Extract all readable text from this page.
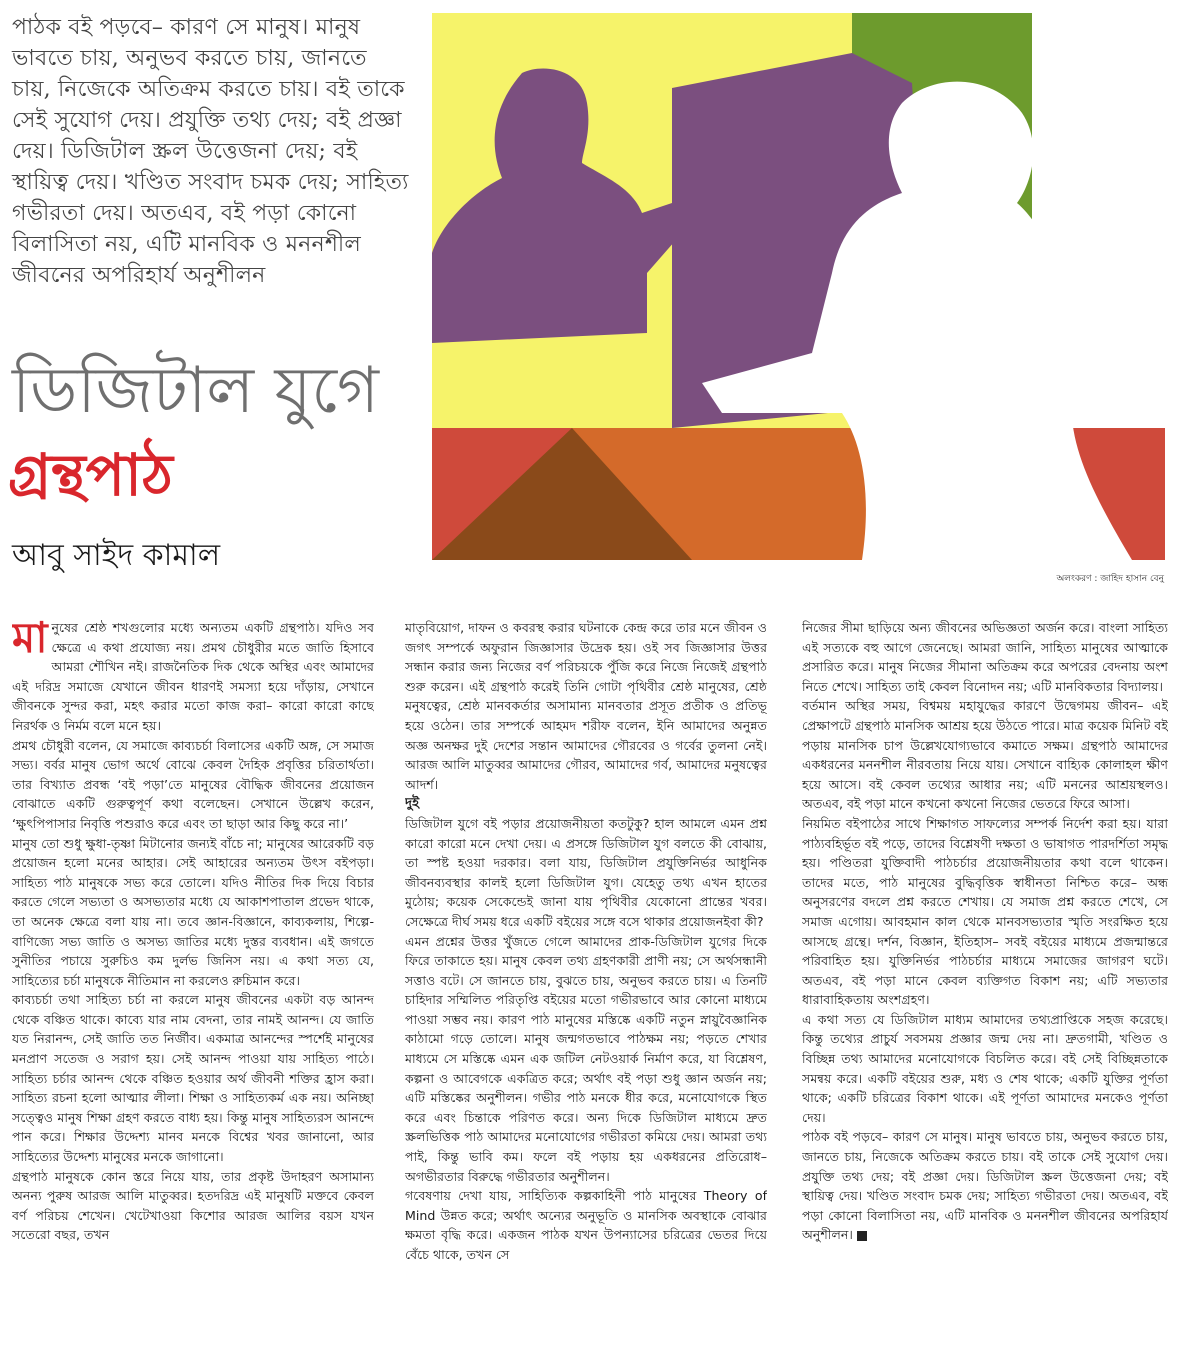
পাঠক বই পড়বে– কারণ সে মানুষ। মানুষ ভাবতে চায়, অনুভব করতে চায়, জানতে চায়, নিজেকে অতিক্রম করতে চায়। বই তাকে সেই সুযোগ দেয়। প্রযুক্তি তথ্য দেয়; বই প্রজ্ঞা দেয়। ডিজিটাল স্ক্রল উত্তেজনা দেয়; বই স্থায়িত্ব দেয়। খণ্ডিত সংবাদ চমক দেয়; সাহিত্য গভীরতা দেয়। অতএব, বই পড়া কোনো বিলাসিতা নয়, এটি মানবিক ও মননশীল জীবনের অপরিহার্য অনুশীলন
ডিজিটাল যুগে
গ্রন্থপাঠ
আবু সাইদ কামাল
অলংকরণ : জাহিদ হাসান বেনু

মানুষের শ্রেষ্ঠ শখগুলোর মধ্যে অন্যতম একটি গ্রন্থপাঠ। যদিও সব ক্ষেত্রে এ কথা প্রযোজ্য নয়। প্রমথ চৌধুরীর মতে জাতি হিসাবে আমরা শৌখিন নই। রাজনৈতিক দিক থেকে অস্থির এবং আমাদের এই দরিদ্র সমাজে যেখানে জীবন ধারণই সমস্যা হয়ে দাঁড়ায়, সেখানে জীবনকে সুন্দর করা, মহৎ করার মতো কাজ করা– কারো কারো কাছে নিরর্থক ও নির্মম বলে মনে হয়।

প্রমথ চৌধুরী বলেন, যে সমাজে কাব্যচর্চা বিলাসের একটি অঙ্গ, সে সমাজ সভ্য। বর্বর মানুষ ভোগ অর্থে বোঝে কেবল দৈহিক প্রবৃত্তির চরিতার্থতা। তার বিখ্যাত প্রবন্ধ ‘বই পড়া’তে মানুষের বৌদ্ধিক জীবনের প্রয়োজন বোঝাতে একটি গুরুত্বপূর্ণ কথা বলেছেন। সেখানে উল্লেখ করেন, ‘ক্ষুৎপিপাসার নিবৃত্তি পশুরাও করে এবং তা ছাড়া আর কিছু করে না।’

মানুষ তো শুধু ক্ষুধা-তৃষ্ণা মিটানোর জন্যই বাঁচে না; মানুষের আরেকটি বড় প্রয়োজন হলো মনের আহার। সেই আহারের অন্যতম উৎস বইপড়া। সাহিত্য পাঠ মানুষকে সভ্য করে তোলে। যদিও নীতির দিক দিয়ে বিচার করতে গেলে সভ্যতা ও অসভ্যতার মধ্যে যে আকাশপাতাল প্রভেদ থাকে, তা অনেক ক্ষেত্রে বলা যায় না। তবে জ্ঞান-বিজ্ঞানে, কাব্যকলায়, শিল্পে-বাণিজ্যে সভ্য জাতি ও অসভ্য জাতির মধ্যে দুস্তর ব্যবধান। এই জগতে সুনীতির পচায়ে সুরুচিও কম দুর্লভ জিনিস নয়। এ কথা সত্য যে, সাহিত্যের চর্চা মানুষকে নীতিমান না করলেও রুচিমান করে।

কাব্যচর্চা তথা সাহিত্য চর্চা না করলে মানুষ জীবনের একটা বড় আনন্দ থেকে বঞ্চিত থাকে। কাব্যে যার নাম বেদনা, তার নামই আনন্দ। যে জাতি যত নিরানন্দ, সেই জাতি তত নির্জীব। একমাত্র আনন্দের স্পর্শেই মানুষের মনপ্রাণ সতেজ ও সরাগ হয়। সেই আনন্দ পাওয়া যায় সাহিত্য পাঠে। সাহিত্য চর্চার আনন্দ থেকে বঞ্চিত হওয়ার অর্থ জীবনী শক্তির হ্রাস করা। সাহিত্য রচনা হলো আত্মার লীলা। শিক্ষা ও সাহিত্যকর্ম এক নয়। অনিচ্ছা সত্ত্বেও মানুষ শিক্ষা গ্রহণ করতে বাধ্য হয়। কিন্তু মানুষ সাহিত্যরস আনন্দে পান করে। শিক্ষার উদ্দেশ্য মানব মনকে বিশ্বের খবর জানানো, আর সাহিত্যের উদ্দেশ্য মানুষের মনকে জাগানো।

গ্রন্থপাঠ মানুষকে কোন স্তরে নিয়ে যায়, তার প্রকৃষ্ট উদাহরণ অসামান্য অনন্য পুরুষ আরজ আলি মাতুব্বর। হতদরিদ্র এই মানুষটি মক্তবে কেবল বর্ণ পরিচয় শেখেন। খেটেখাওয়া কিশোর আরজ আলির বয়স যখন সতেরো বছর, তখন

মাতৃবিয়োগ, দাফন ও কবরস্থ করার ঘটনাকে কেন্দ্র করে তার মনে জীবন ও জগৎ সম্পর্কে অফুরান জিজ্ঞাসার উদ্রেক হয়। ওই সব জিজ্ঞাসার উত্তর সন্ধান করার জন্য নিজের বর্ণ পরিচয়কে পুঁজি করে নিজে নিজেই গ্রন্থপাঠ শুরু করেন। এই গ্রন্থপাঠ করেই তিনি গোটা পৃথিবীর শ্রেষ্ঠ মানুষের, শ্রেষ্ঠ মনুষত্বের, শ্রেষ্ঠ মানবকর্তার অসামান্য মানবতার প্রসূত প্রতীক ও প্রতিভূ হয়ে ওঠেন। তার সম্পর্কে আহমদ শরীফ বলেন, ইনি আমাদের অনুন্নত অজ্ঞ অনক্ষর দুই দেশের সন্তান আমাদের গৌরবের ও গর্বের তুলনা নেই। আরজ আলি মাতুব্বর আমাদের গৌরব, আমাদের গর্ব, আমাদের মনুষত্বের আদর্শ।

দুই

ডিজিটাল যুগে বই পড়ার প্রয়োজনীয়তা কতটুকু? হাল আমলে এমন প্রশ্ন কারো কারো মনে দেখা দেয়। এ প্রসঙ্গে ডিজিটাল যুগ বলতে কী বোঝায়, তা স্পষ্ট হওয়া দরকার। বলা যায়, ডিজিটাল প্রযুক্তিনির্ভর আধুনিক জীবনব্যবস্থার কালই হলো ডিজিটাল যুগ। যেহেতু তথ্য এখন হাতের মুঠোয়; কয়েক সেকেন্ডেই জানা যায় পৃথিবীর যেকোনো প্রান্তের খবর। সেক্ষেত্রে দীর্ঘ সময় ধরে একটি বইয়ের সঙ্গে বসে থাকার প্রয়োজনইবা কী?

এমন প্রশ্নের উত্তর খুঁজতে গেলে আমাদের প্রাক-ডিজিটাল যুগের দিকে ফিরে তাকাতে হয়। মানুষ কেবল তথ্য গ্রহণকারী প্রাণী নয়; সে অর্থসন্ধানী সত্তাও বটে। সে জানতে চায়, বুঝতে চায়, অনুভব করতে চায়। এ তিনটি চাহিদার সম্মিলিত পরিতৃপ্তি বইয়ের মতো গভীরভাবে আর কোনো মাধ্যমে পাওয়া সম্ভব নয়। কারণ পাঠ মানুষের মস্তিষ্কে একটি নতুন স্নায়ুবৈজ্ঞানিক কাঠামো গড়ে তোলে। মানুষ জন্মগতভাবে পাঠক্ষম নয়; পড়তে শেখার মাধ্যমে সে মস্তিষ্কে এমন এক জটিল নেটওয়ার্ক নির্মাণ করে, যা বিশ্লেষণ, কল্পনা ও আবেগকে একত্রিত করে; অর্থাৎ বই পড়া শুধু জ্ঞান অর্জন নয়; এটি মস্তিষ্কের অনুশীলন। গভীর পাঠ মনকে ধীর করে, মনোযোগকে স্থিত করে এবং চিন্তাকে পরিণত করে। অন্য দিকে ডিজিটাল মাধ্যমে দ্রুত স্ক্রলভিত্তিক পাঠ আমাদের মনোযোগের গভীরতা কমিয়ে দেয়। আমরা তথ্য পাই, কিন্তু ভাবি কম। ফলে বই পড়ায় হয় একধরনের প্রতিরোধ–অগভীরতার বিরুদ্ধে গভীরতার অনুশীলন।

গবেষণায় দেখা যায়, সাহিত্যিক কল্পকাহিনী পাঠ মানুষের Theory of Mind উন্নত করে; অর্থাৎ অন্যের অনুভূতি ও মানসিক অবস্থাকে বোঝার ক্ষমতা বৃদ্ধি করে। একজন পাঠক যখন উপন্যাসের চরিত্রের ভেতর দিয়ে বেঁচে থাকে, তখন সে

নিজের সীমা ছাড়িয়ে অন্য জীবনের অভিজ্ঞতা অর্জন করে। বাংলা সাহিত্য এই সত্যকে বহু আগে জেনেছে। আমরা জানি, সাহিত্য মানুষের আত্মাকে প্রসারিত করে। মানুষ নিজের সীমানা অতিক্রম করে অপরের বেদনায় অংশ নিতে শেখে। সাহিত্য তাই কেবল বিনোদন নয়; এটি মানবিকতার বিদ্যালয়।

বর্তমান অস্থির সময়, বিশ্বময় মহাযুদ্ধের কারণে উদ্বেগময় জীবন– এই প্রেক্ষাপটে গ্রন্থপাঠ মানসিক আশ্রয় হয়ে উঠতে পারে। মাত্র কয়েক মিনিট বই পড়ায় মানসিক চাপ উল্লেখযোগ্যভাবে কমাতে সক্ষম। গ্রন্থপাঠ আমাদের একধরনের মননশীল নীরবতায় নিয়ে যায়। সেখানে বাহ্যিক কোলাহল ক্ষীণ হয়ে আসে। বই কেবল তথ্যের আধার নয়; এটি মননের আশ্রয়স্থলও। অতএব, বই পড়া মানে কখনো কখনো নিজের ভেতরে ফিরে আসা।

নিয়মিত বইপাঠের সাথে শিক্ষাগত সাফল্যের সম্পর্ক নির্দেশ করা হয়। যারা পাঠ্যবহির্ভূত বই পড়ে, তাদের বিশ্লেষণী দক্ষতা ও ভাষাগত পারদর্শিতা সমৃদ্ধ হয়। পণ্ডিতরা যুক্তিবাদী পাঠচর্চার প্রয়োজনীয়তার কথা বলে থাকেন। তাদের মতে, পাঠ মানুষের বুদ্ধিবৃত্তিক স্বাধীনতা নিশ্চিত করে– অন্ধ অনুসরণের বদলে প্রশ্ন করতে শেখায়। যে সমাজ প্রশ্ন করতে শেখে, সে সমাজ এগোয়। আবহমান কাল থেকে মানবসভ্যতার স্মৃতি সংরক্ষিত হয়ে আসছে গ্রন্থে। দর্শন, বিজ্ঞান, ইতিহাস– সবই বইয়ের মাধ্যমে প্রজন্মান্তরে পরিবাহিত হয়। যুক্তিনির্ভর পাঠচর্চার মাধ্যমে সমাজের জাগরণ ঘটে। অতএব, বই পড়া মানে কেবল ব্যক্তিগত বিকাশ নয়; এটি সভ্যতার ধারাবাহিকতায় অংশগ্রহণ।

এ কথা সত্য যে ডিজিটাল মাধ্যম আমাদের তথ্যপ্রাপ্তিকে সহজ করেছে। কিন্তু তথ্যের প্রাচুর্য সবসময় প্রজ্ঞার জন্ম দেয় না। দ্রুতগামী, খণ্ডিত ও বিচ্ছিন্ন তথ্য আমাদের মনোযোগকে বিচলিত করে। বই সেই বিচ্ছিন্নতাকে সমন্বয় করে। একটি বইয়ের শুরু, মধ্য ও শেষ থাকে; একটি যুক্তির পূর্ণতা থাকে; একটি চরিত্রের বিকাশ থাকে। এই পূর্ণতা আমাদের মনকেও পূর্ণতা দেয়।

পাঠক বই পড়বে– কারণ সে মানুষ। মানুষ ভাবতে চায়, অনুভব করতে চায়, জানতে চায়, নিজেকে অতিক্রম করতে চায়। বই তাকে সেই সুযোগ দেয়। প্রযুক্তি তথ্য দেয়; বই প্রজ্ঞা দেয়। ডিজিটাল স্ক্রল উত্তেজনা দেয়; বই স্থায়িত্ব দেয়। খণ্ডিত সংবাদ চমক দেয়; সাহিত্য গভীরতা দেয়। অতএব, বই পড়া কোনো বিলাসিতা নয়, এটি মানবিক ও মননশীল জীবনের অপরিহার্য অনুশীলন।
